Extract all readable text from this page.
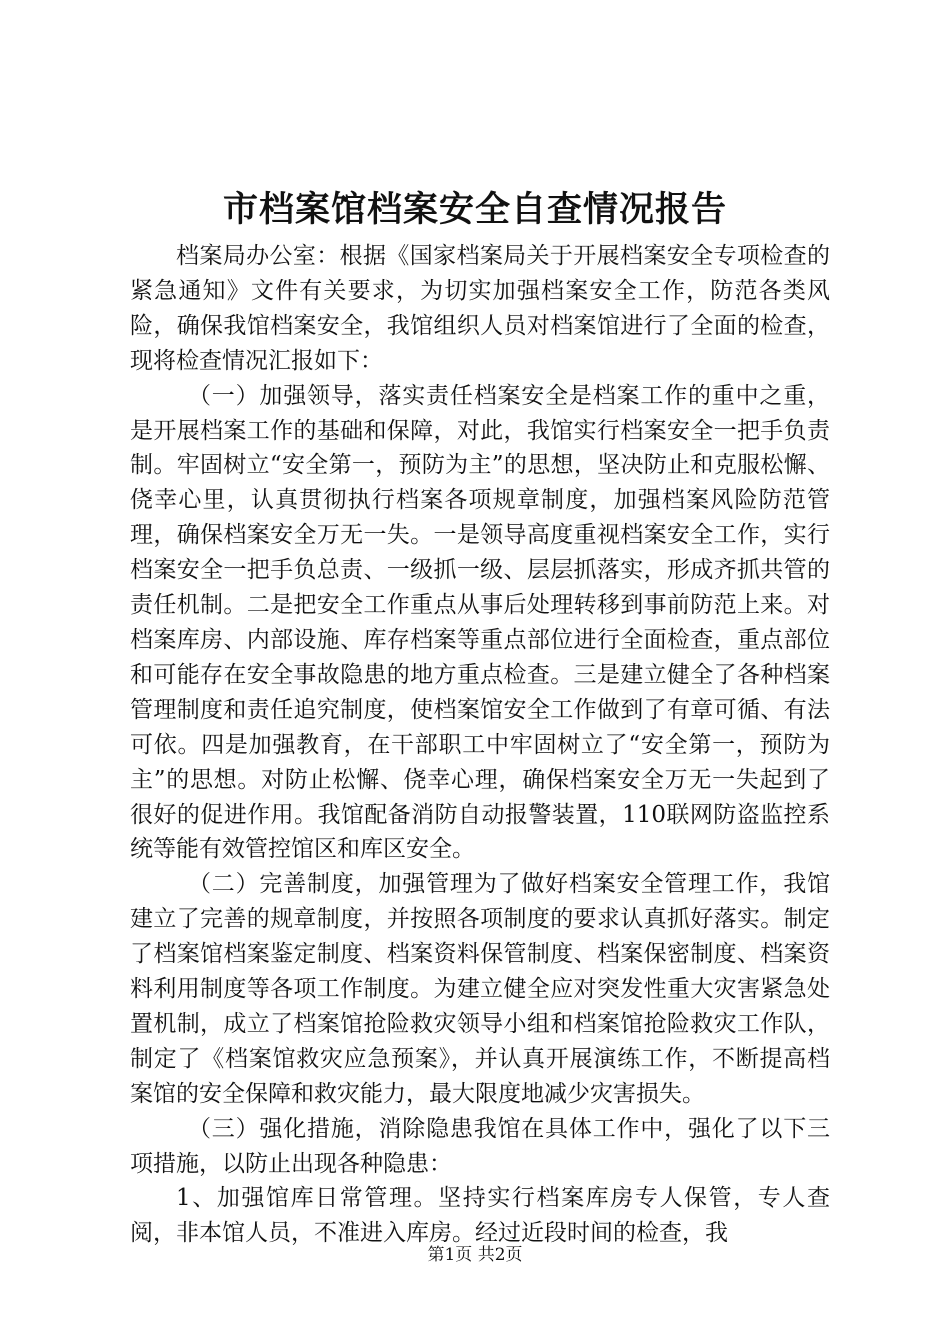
市档案馆档案安全自查情况报告

档案局办公室：根据《国家档案局关于开展档案安全专项检查的紧急通知》文件有关要求，为切实加强档案安全工作，防范各类风险，确保我馆档案安全，我馆组织人员对档案馆进行了全面的检查，现将检查情况汇报如下：

（一）加强领导，落实责任档案安全是档案工作的重中之重，是开展档案工作的基础和保障，对此，我馆实行档案安全一把手负责制。牢固树立“安全第一，预防为主”的思想，坚决防止和克服松懈、侥幸心里，认真贯彻执行档案各项规章制度，加强档案风险防范管理，确保档案安全万无一失。一是领导高度重视档案安全工作，实行档案安全一把手负总责、一级抓一级、层层抓落实，形成齐抓共管的责任机制。二是把安全工作重点从事后处理转移到事前防范上来。对档案库房、内部设施、库存档案等重点部位进行全面检查，重点部位和可能存在安全事故隐患的地方重点检查。三是建立健全了各种档案管理制度和责任追究制度，使档案馆安全工作做到了有章可循、有法可依。四是加强教育，在干部职工中牢固树立了“安全第一，预防为主”的思想。对防止松懈、侥幸心理，确保档案安全万无一失起到了很好的促进作用。我馆配备消防自动报警装置，110联网防盗监控系统等能有效管控馆区和库区安全。

（二）完善制度，加强管理为了做好档案安全管理工作，我馆建立了完善的规章制度，并按照各项制度的要求认真抓好落实。制定了档案馆档案鉴定制度、档案资料保管制度、档案保密制度、档案资料利用制度等各项工作制度。为建立健全应对突发性重大灾害紧急处置机制，成立了档案馆抢险救灾领导小组和档案馆抢险救灾工作队，制定了《档案馆救灾应急预案》，并认真开展演练工作，不断提高档案馆的安全保障和救灾能力，最大限度地减少灾害损失。

（三）强化措施，消除隐患我馆在具体工作中，强化了以下三项措施，以防止出现各种隐患：

1、加强馆库日常管理。坚持实行档案库房专人保管，专人查阅，非本馆人员，不准进入库房。经过近段时间的检查，我

第1页 共2页
